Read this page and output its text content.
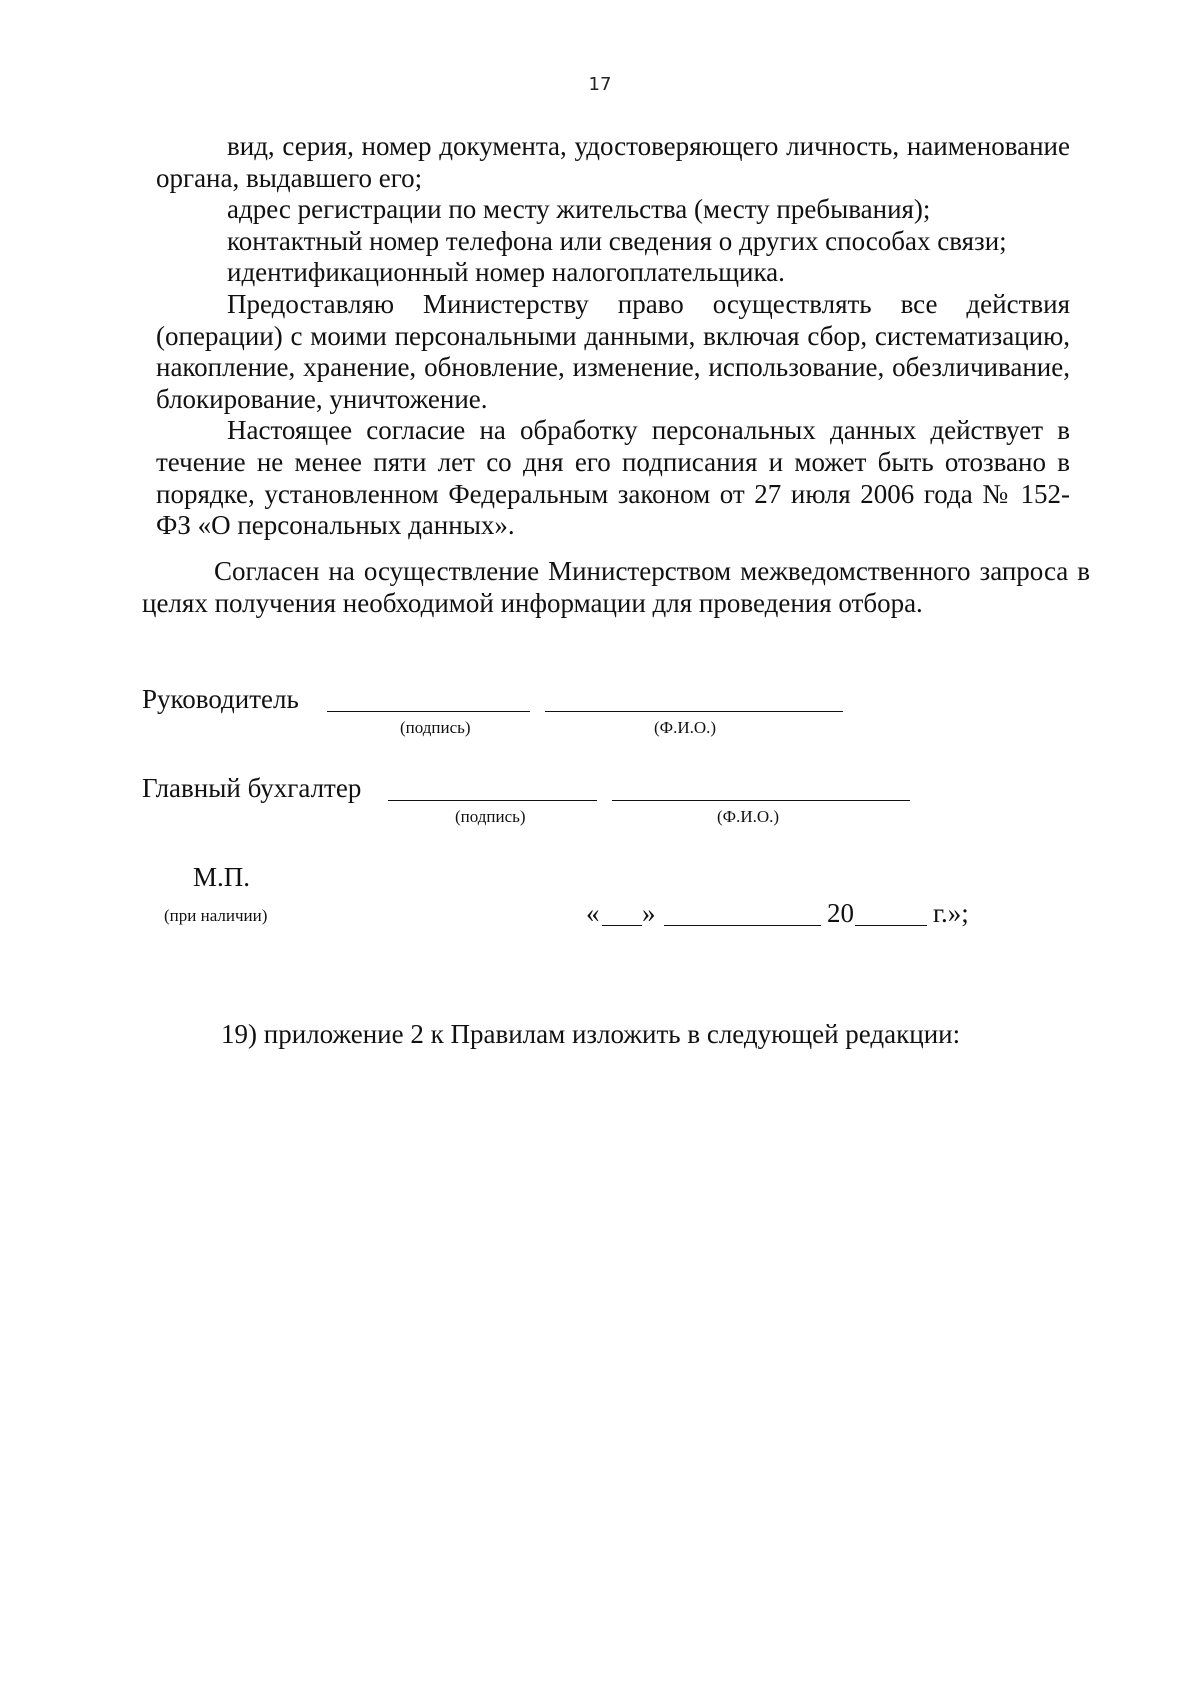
17

вид, серия, номер документа, удостоверяющего личность, наименование органа, выдавшего его;

адрес регистрации по месту жительства (месту пребывания);

контактный номер телефона или сведения о других способах связи;

идентификационный номер налогоплательщика.

Предоставляю Министерству право осуществлять все действия (операции) с моими персональными данными, включая сбор, систематизацию, накопление, хранение, обновление, изменение, использование, обезличивание, блокирование, уничтожение.

Настоящее согласие на обработку персональных данных действует в течение не менее пяти лет со дня его подписания и может быть отозвано в порядке, установленном Федеральным законом от 27 июля 2006 года № 152-ФЗ «О персональных данных».

Согласен на осуществление Министерством межведомственного запроса в целях получения необходимой информации для проведения отбора.

Руководитель
(подпись)	(Ф.И.О.)
Главный бухгалтер
(подпись)	(Ф.И.О.)
М.П.
(при наличии)	« »	20	г.»;
19) приложение 2 к Правилам изложить в следующей редакции:
